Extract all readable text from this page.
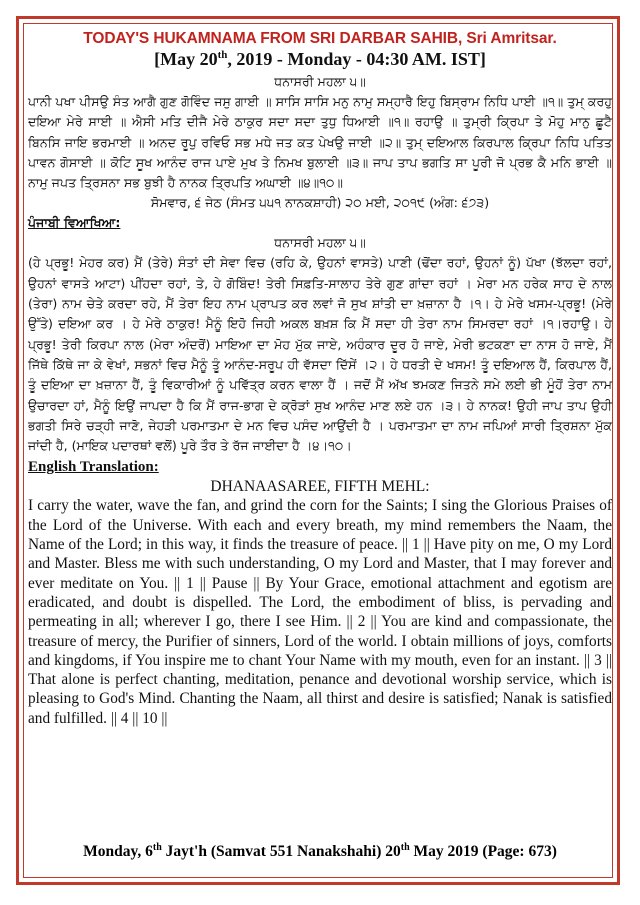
TODAY'S HUKAMNAMA FROM SRI DARBAR SAHIB, Sri Amritsar.
[May 20th, 2019 - Monday - 04:30 AM. IST]
ਧਨਾਸਰੀ ਮਹਲਾ ੫॥

ਪਾਨੀ ਪਖਾ ਪੀਸਉ ਸੰਤ ਆਗੈ ਗੁਣ ਗੋਵਿੰਦ ਜਸੁ ਗਾਈ ॥ ਸਾਸਿ ਸਾਸਿ ਮਨੁ ਨਾਮੁ ਸਮ੍ਹਾਰੈ ਇਹੁ ਬਿਸ੍ਰਾਮ ਨਿਧਿ ਪਾਈ ॥੧॥ ਤੁਮ੍ ਕਰਹੁ ਦਇਆ ਮੇਰੇ ਸਾਈ ॥ ਐਸੀ ਮਤਿ ਦੀਜੈ ਮੇਰੇ ਠਾਕੁਰ ਸਦਾ ਸਦਾ ਤੁਧੁ ਧਿਆਈ ॥੧॥ ਰਹਾਉ ॥ ਤੁਮ੍ਰੀ ਕ੍ਰਿਪਾ ਤੇ ਮੋਹੁ ਮਾਨੁ ਛੂਟੈ ਬਿਨਸਿ ਜਾਇ ਭਰਮਾਈ ॥ ਅਨਦ ਰੂਪੁ ਰਵਿਓ ਸਭ ਮਧੇ ਜਤ ਕਤ ਪੇਖਉ ਜਾਈ ॥੨॥ ਤੁਮ੍ ਦਇਆਲ ਕਿਰਪਾਲ ਕ੍ਰਿਪਾ ਨਿਧਿ ਪਤਿਤ ਪਾਵਨ ਗੋਸਾਈ ॥ ਕੋਟਿ ਸੂਖ ਆਨੰਦ ਰਾਜ ਪਾਏ ਮੁਖ ਤੇ ਨਿਮਖ ਬੁਲਾਈ ॥੩॥ ਜਾਪ ਤਾਪ ਭਗਤਿ ਸਾ ਪੂਰੀ ਜੋ ਪ੍ਰਭ ਕੈ ਮਨਿ ਭਾਈ ॥ ਨਾਮੁ ਜਪਤ ਤ੍ਰਿਸਨਾ ਸਭ ਬੁਝੀ ਹੈ ਨਾਨਕ ਤ੍ਰਿਪਤਿ ਅਘਾਈ ॥੪॥੧੦॥

ਸੋਮਵਾਰ, ੬ ਜੇਠ (ਸੰਮਤ ੫੫੧ ਨਾਨਕਸ਼ਾਹੀ) ੨੦ ਮਈ, ੨੦੧੯ (ਅੰਗ: ੬੭੩)
ਪੰਜਾਬੀ ਵਿਆਖਿਆ:
ਧਨਾਸਰੀ ਮਹਲਾ ੫॥

(ਹੇ ਪ੍ਰਭੂ! ਮੇਹਰ ਕਰ) ਮੈਂ (ਤੇਰੇ) ਸੰਤਾਂ ਦੀ ਸੇਵਾ ਵਿਚ (ਰਹਿ ਕੇ, ਉਹਨਾਂ ਵਾਸਤੇ) ਪਾਣੀ (ਢੋਂਦਾ ਰਹਾਂ, ਉਹਨਾਂ ਨੂੰ) ਪੱਖਾ (ਝੱਲਦਾ ਰਹਾਂ, ਉਹਨਾਂ ਵਾਸਤੇ ਆਟਾ) ਪੀਂਹਦਾ ਰਹਾਂ, ਤੇ, ਹੇ ਗੋਬਿੰਦ! ਤੇਰੀ ਸਿਫ਼ਤਿ-ਸਾਲਾਹ ਤੇਰੇ ਗੁਣ ਗਾਂਦਾ ਰਹਾਂ । ਮੇਰਾ ਮਨ ਹਰੇਕ ਸਾਹ ਦੇ ਨਾਲ (ਤੇਰਾ) ਨਾਮ ਚੇਤੇ ਕਰਦਾ ਰਹੇ, ਮੈਂ ਤੇਰਾ ਇਹ ਨਾਮ ਪ੍ਰਾਪਤ ਕਰ ਲਵਾਂ ਜੋ ਸੁਖ ਸ਼ਾਂਤੀ ਦਾ ਖ਼ਜ਼ਾਨਾ ਹੈ ।੧। ਹੇ ਮੇਰੇ ਖਸਮ-ਪ੍ਰਭੂ! (ਮੇਰੇ ਉੱਤੇ) ਦਇਆ ਕਰ । ਹੇ ਮੇਰੇ ਠਾਕੁਰ! ਮੈਨੂੰ ਇਹੋ ਜਿਹੀ ਅਕਲ ਬਖ਼ਸ਼ ਕਿ ਮੈਂ ਸਦਾ ਹੀ ਤੇਰਾ ਨਾਮ ਸਿਮਰਦਾ ਰਹਾਂ ।੧।ਰਹਾਉ। ਹੇ ਪ੍ਰਭੂ! ਤੇਰੀ ਕਿਰਪਾ ਨਾਲ (ਮੇਰਾ ਅੰਦਰੋਂ) ਮਾਇਆ ਦਾ ਮੋਹ ਮੁੱਕ ਜਾਏ, ਅਹੰਕਾਰ ਦੂਰ ਹੋ ਜਾਏ, ਮੇਰੀ ਭਟਕਣਾ ਦਾ ਨਾਸ ਹੋ ਜਾਏ, ਮੈਂ ਜਿੱਥੇ ਕਿੱਥੇ ਜਾ ਕੇ ਵੇਖਾਂ, ਸਭਨਾਂ ਵਿਚ ਮੈਨੂੰ ਤੂੰ ਆਨੰਦ-ਸਰੂਪ ਹੀ ਵੱਸਦਾ ਦਿੱਸੇਂ ।੨। ਹੇ ਧਰਤੀ ਦੇ ਖਸਮ! ਤੂੰ ਦਇਆਲ ਹੈਂ, ਕਿਰਪਾਲ ਹੈਂ, ਤੂੰ ਦਇਆ ਦਾ ਖ਼ਜ਼ਾਨਾ ਹੈਂ, ਤੂੰ ਵਿਕਾਰੀਆਂ ਨੂੰ ਪਵਿੱਤ੍ਰ ਕਰਨ ਵਾਲਾ ਹੈਂ । ਜਦੋਂ ਮੈਂ ਅੱਖ ਝਮਕਣ ਜਿਤਨੇ ਸਮੇ ਲਈ ਭੀ ਮੂੰਹੋਂ ਤੇਰਾ ਨਾਮ ਉਚਾਰਦਾ ਹਾਂ, ਮੈਨੂੰ ਇਉਂ ਜਾਪਦਾ ਹੈ ਕਿ ਮੈਂ ਰਾਜ-ਭਾਗ ਦੇ ਕ੍ਰੋੜਾਂ ਸੁਖ ਆਨੰਦ ਮਾਣ ਲਏ ਹਨ ।੩। ਹੇ ਨਾਨਕ! ਉਹੀ ਜਾਪ ਤਾਪ ਉਹੀ ਭਗਤੀ ਸਿਰੇ ਚੜ੍ਹੀ ਜਾਣੋ, ਜੇਹੜੀ ਪਰਮਾਤਮਾ ਦੇ ਮਨ ਵਿਚ ਪਸੰਦ ਆਉਂਦੀ ਹੈ । ਪਰਮਾਤਮਾ ਦਾ ਨਾਮ ਜਪਿਆਂ ਸਾਰੀ ਤ੍ਰਿਸ਼ਨਾ ਮੁੱਕ ਜਾਂਦੀ ਹੈ, (ਮਾਇਕ ਪਦਾਰਥਾਂ ਵਲੋਂ) ਪੂਰੇ ਤੌਰ ਤੇ ਰੱਜ ਜਾਈਦਾ ਹੈ ।੪।੧੦।

English Translation:
DHANAASAREE, FIFTH MEHL:

I carry the water, wave the fan, and grind the corn for the Saints; I sing the Glorious Praises of the Lord of the Universe. With each and every breath, my mind remembers the Naam, the Name of the Lord; in this way, it finds the treasure of peace. || 1 || Have pity on me, O my Lord and Master. Bless me with such understanding, O my Lord and Master, that I may forever and ever meditate on You. || 1 || Pause || By Your Grace, emotional attachment and egotism are eradicated, and doubt is dispelled. The Lord, the embodiment of bliss, is pervading and permeating in all; wherever I go, there I see Him. || 2 || You are kind and compassionate, the treasure of mercy, the Purifier of sinners, Lord of the world. I obtain millions of joys, comforts and kingdoms, if You inspire me to chant Your Name with my mouth, even for an instant. || 3 || That alone is perfect chanting, meditation, penance and devotional worship service, which is pleasing to God's Mind. Chanting the Naam, all thirst and desire is satisfied; Nanak is satisfied and fulfilled. || 4 || 10 ||

Monday, 6th Jayt'h (Samvat 551 Nanakshahi) 20th May 2019 (Page: 673)
